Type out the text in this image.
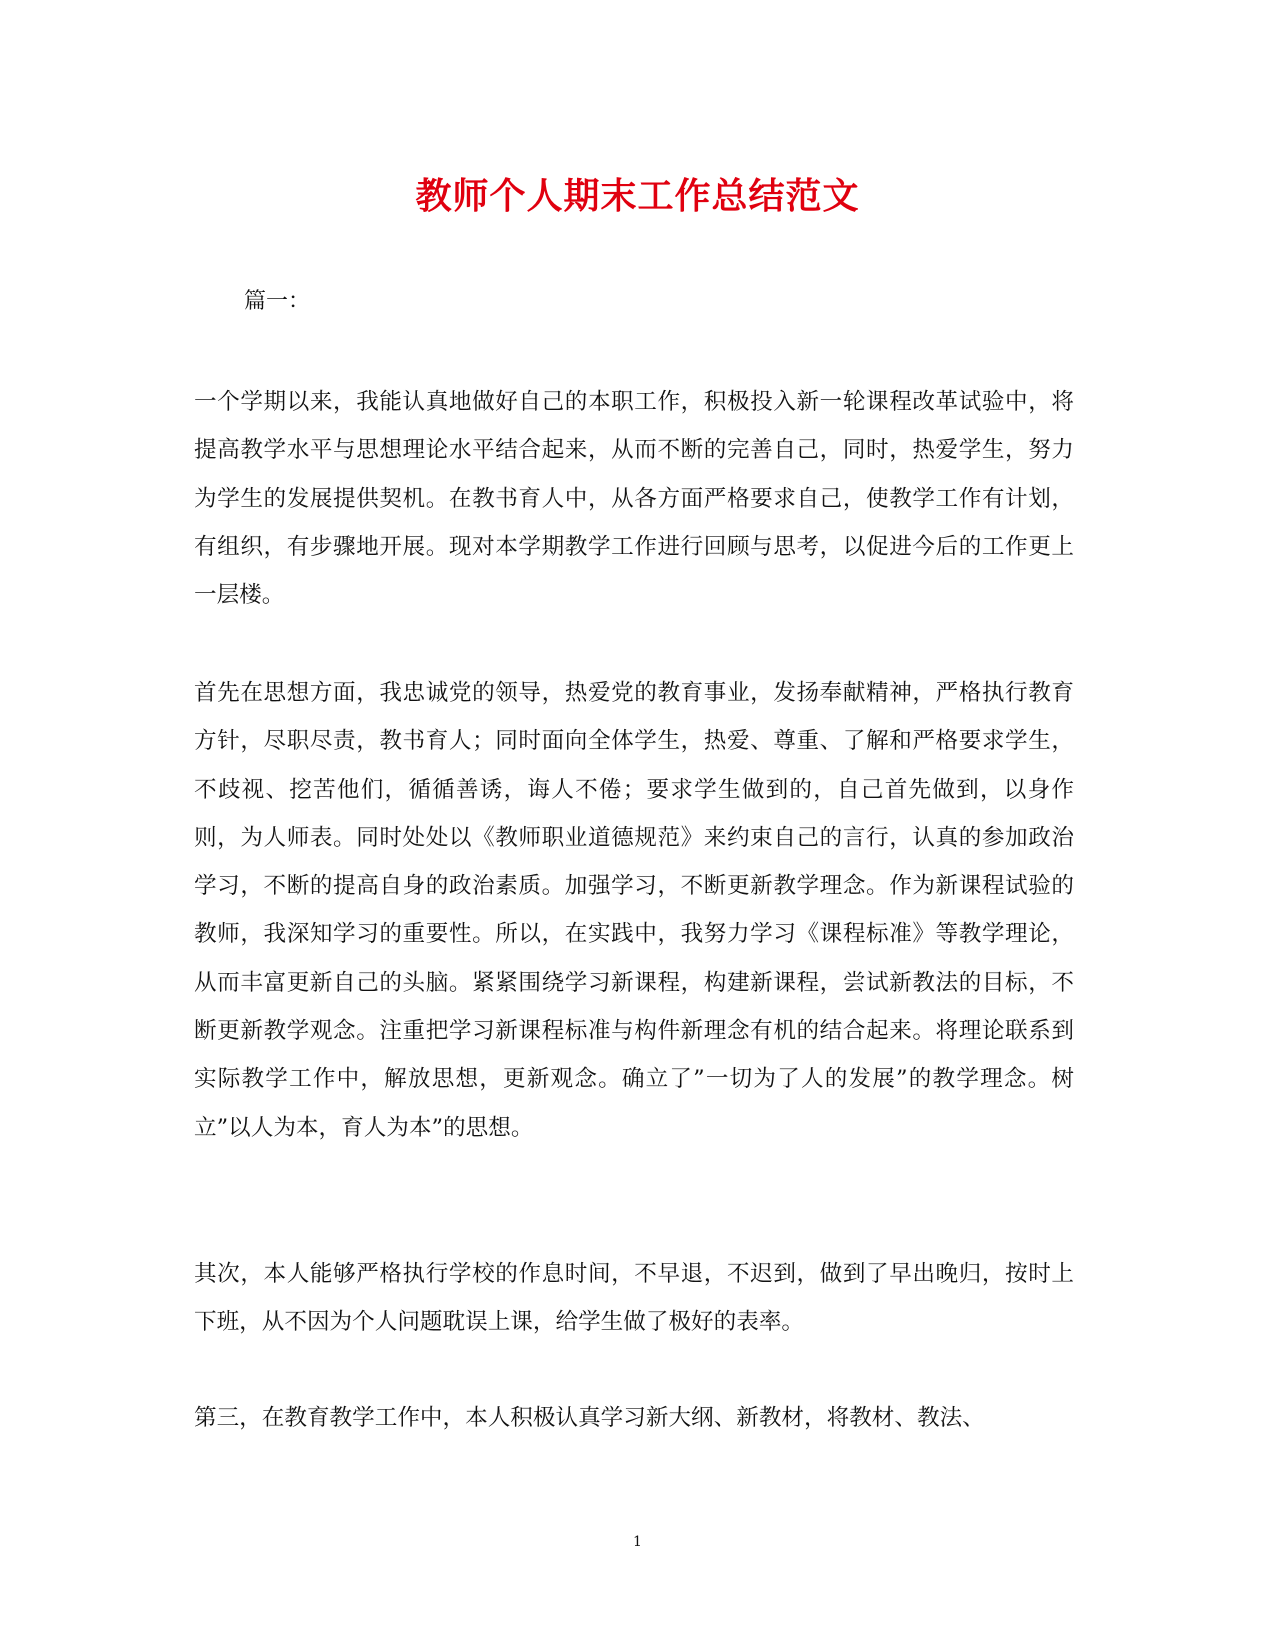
教师个人期末工作总结范文

篇一：

一个学期以来，我能认真地做好自己的本职工作，积极投入新一轮课程改革试验中，将提高教学水平与思想理论水平结合起来，从而不断的完善自己，同时，热爱学生，努力为学生的发展提供契机。在教书育人中，从各方面严格要求自己，使教学工作有计划，有组织，有步骤地开展。现对本学期教学工作进行回顾与思考，以促进今后的工作更上一层楼。

首先在思想方面，我忠诚党的领导，热爱党的教育事业，发扬奉献精神，严格执行教育方针，尽职尽责，教书育人；同时面向全体学生，热爱、尊重、了解和严格要求学生，不歧视、挖苦他们，循循善诱，诲人不倦；要求学生做到的，自己首先做到，以身作则，为人师表。同时处处以《教师职业道德规范》来约束自己的言行，认真的参加政治学习，不断的提高自身的政治素质。加强学习，不断更新教学理念。作为新课程试验的教师，我深知学习的重要性。所以，在实践中，我努力学习《课程标准》等教学理论，从而丰富更新自己的头脑。紧紧围绕学习新课程，构建新课程，尝试新教法的目标，不断更新教学观念。注重把学习新课程标准与构件新理念有机的结合起来。将理论联系到实际教学工作中，解放思想，更新观念。确立了”一切为了人的发展”的教学理念。树立”以人为本，育人为本”的思想。

其次，本人能够严格执行学校的作息时间，不早退，不迟到，做到了早出晚归，按时上下班，从不因为个人问题耽误上课，给学生做了极好的表率。

第三，在教育教学工作中，本人积极认真学习新大纲、新教材，将教材、教法、

1
